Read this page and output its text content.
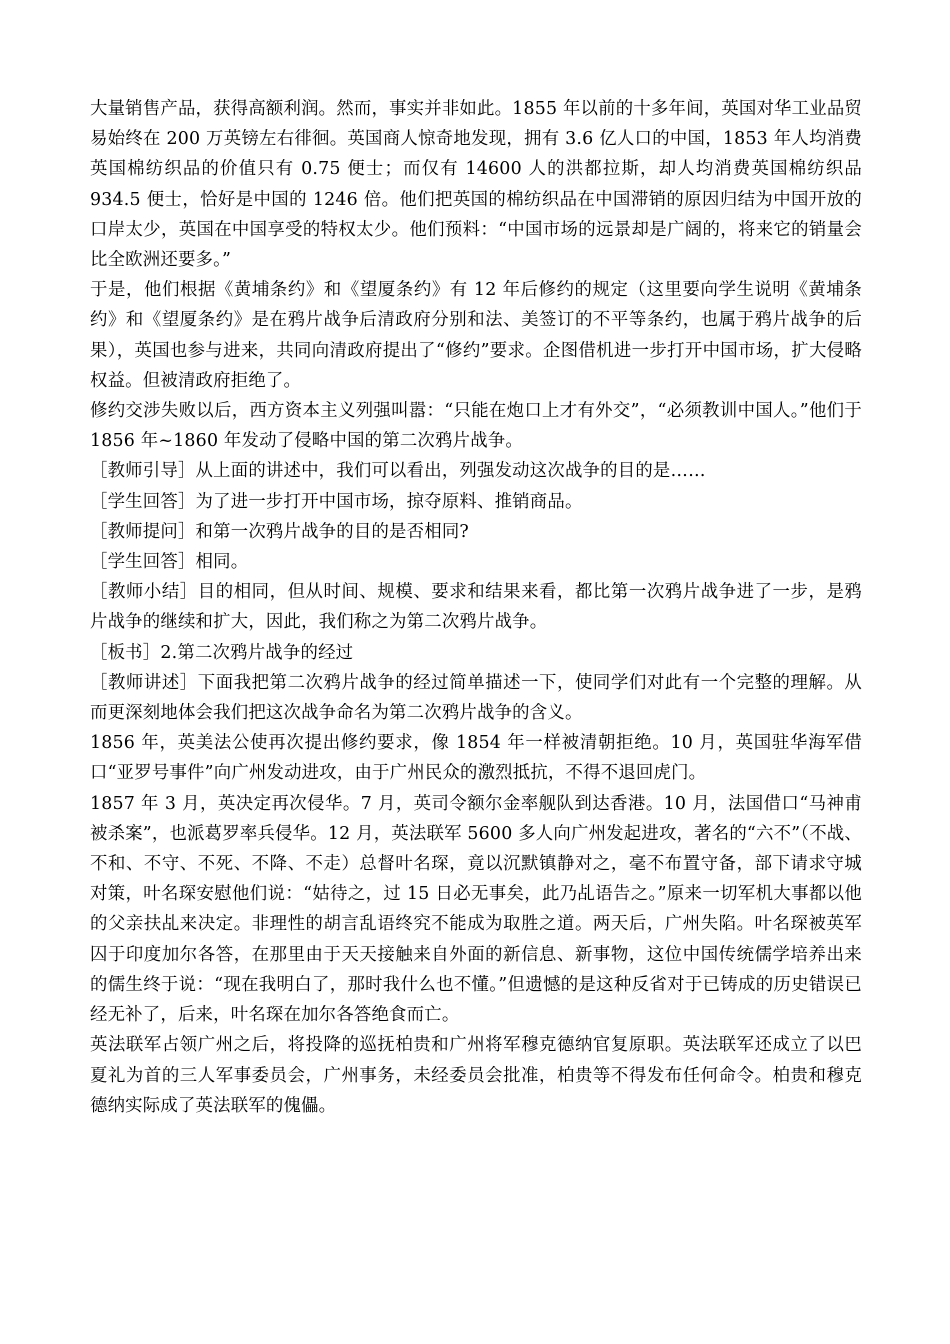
大量销售产品，获得高额利润。然而，事实并非如此。1855 年以前的十多年间，英国对华工业品贸易始终在 200 万英镑左右徘徊。英国商人惊奇地发现，拥有 3.6 亿人口的中国，1853 年人均消费英国棉纺织品的价值只有 0.75 便士；而仅有 14600 人的洪都拉斯，却人均消费英国棉纺织品 934.5 便士，恰好是中国的 1246 倍。他们把英国的棉纺织品在中国滞销的原因归结为中国开放的口岸太少，英国在中国享受的特权太少。他们预料：“中国市场的远景却是广阔的，将来它的销量会比全欧洲还要多。”

于是，他们根据《黄埔条约》和《望厦条约》有 12 年后修约的规定（这里要向学生说明《黄埔条约》和《望厦条约》是在鸦片战争后清政府分别和法、美签订的不平等条约，也属于鸦片战争的后果），英国也参与进来，共同向清政府提出了“修约”要求。企图借机进一步打开中国市场，扩大侵略权益。但被清政府拒绝了。

修约交涉失败以后，西方资本主义列强叫嚣：“只能在炮口上才有外交”，“必须教训中国人。”他们于 1856 年~1860 年发动了侵略中国的第二次鸦片战争。

［教师引导］从上面的讲述中，我们可以看出，列强发动这次战争的目的是……

［学生回答］为了进一步打开中国市场，掠夺原料、推销商品。

［教师提问］和第一次鸦片战争的目的是否相同?

［学生回答］相同。

［教师小结］目的相同，但从时间、规模、要求和结果来看，都比第一次鸦片战争进了一步，是鸦片战争的继续和扩大，因此，我们称之为第二次鸦片战争。

［板书］2.第二次鸦片战争的经过

［教师讲述］下面我把第二次鸦片战争的经过简单描述一下，使同学们对此有一个完整的理解。从而更深刻地体会我们把这次战争命名为第二次鸦片战争的含义。

1856 年，英美法公使再次提出修约要求，像 1854 年一样被清朝拒绝。10 月，英国驻华海军借口“亚罗号事件”向广州发动进攻，由于广州民众的激烈抵抗，不得不退回虎门。

1857 年 3 月，英决定再次侵华。7 月，英司令额尔金率舰队到达香港。10 月，法国借口“马神甫被杀案”，也派葛罗率兵侵华。12 月，英法联军 5600 多人向广州发起进攻，著名的“六不”（不战、不和、不守、不死、不降、不走）总督叶名琛，竟以沉默镇静对之，毫不布置守备，部下请求守城对策，叶名琛安慰他们说：“姑待之，过 15 日必无事矣，此乃乩语告之。”原来一切军机大事都以他的父亲扶乩来决定。非理性的胡言乱语终究不能成为取胜之道。两天后，广州失陷。叶名琛被英军囚于印度加尔各答，在那里由于天天接触来自外面的新信息、新事物，这位中国传统儒学培养出来的儒生终于说：“现在我明白了，那时我什么也不懂。”但遗憾的是这种反省对于已铸成的历史错误已经无补了，后来，叶名琛在加尔各答绝食而亡。

英法联军占领广州之后，将投降的巡抚柏贵和广州将军穆克德纳官复原职。英法联军还成立了以巴夏礼为首的三人军事委员会，广州事务，未经委员会批准，柏贵等不得发布任何命令。柏贵和穆克德纳实际成了英法联军的傀儡。
